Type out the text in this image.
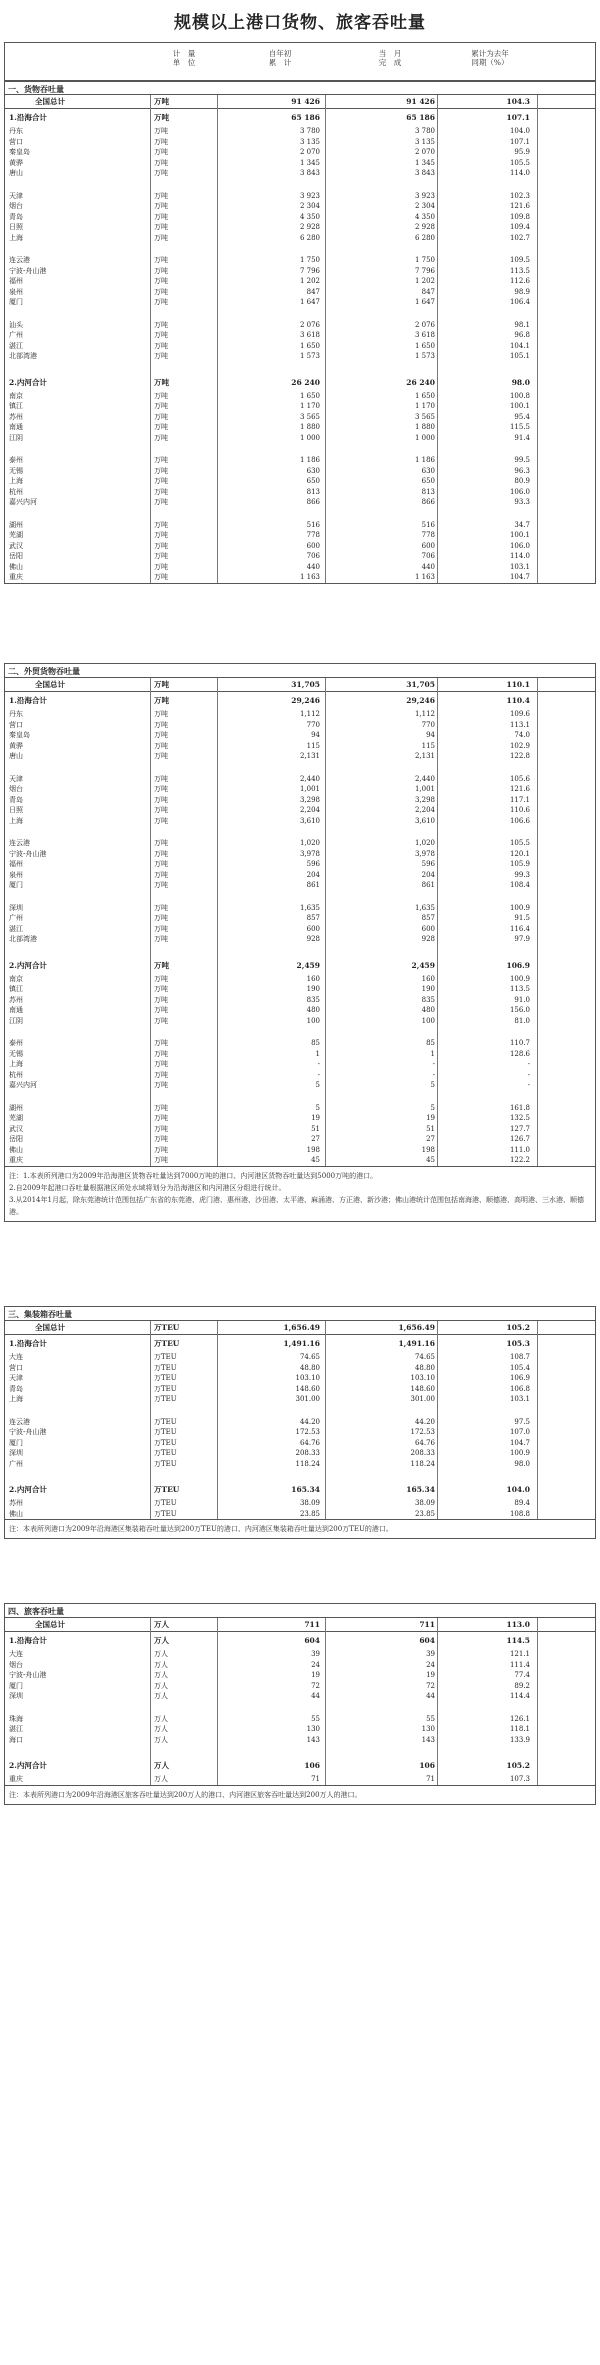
规模以上港口货物、旅客吞吐量
计　量
单　位
自年初
累　计
当　月
完　成
累计为去年
同期（%）
一、货物吞吐量
全国总计	万吨	91 426	91 426	104.3
1.沿海合计	万吨	65 186	65 186	107.1
丹东	万吨	3 780	3 780	104.0
营口	万吨	3 135	3 135	107.1
秦皇岛	万吨	2 070	2 070	95.9
黄骅	万吨	1 345	1 345	105.5
唐山	万吨	3 843	3 843	114.0
天津	万吨	3 923	3 923	102.3
烟台	万吨	2 304	2 304	121.6
青岛	万吨	4 350	4 350	109.8
日照	万吨	2 928	2 928	109.4
上海	万吨	6 280	6 280	102.7
连云港	万吨	1 750	1 750	109.5
宁波-舟山港	万吨	7 796	7 796	113.5
福州	万吨	1 202	1 202	112.6
泉州	万吨	847	847	98.9
厦门	万吨	1 647	1 647	106.4
汕头	万吨	2 076	2 076	98.1
广州	万吨	3 618	3 618	96.8
湛江	万吨	1 650	1 650	104.1
北部湾港	万吨	1 573	1 573	105.1
2.内河合计	万吨	26 240	26 240	98.0
南京	万吨	1 650	1 650	100.8
镇江	万吨	1 170	1 170	100.1
苏州	万吨	3 565	3 565	95.4
南通	万吨	1 880	1 880	115.5
江阴	万吨	1 000	1 000	91.4
泰州	万吨	1 186	1 186	99.5
无锡	万吨	630	630	96.3
上海	万吨	650	650	80.9
杭州	万吨	813	813	106.0
嘉兴内河	万吨	866	866	93.3
湖州	万吨	516	516	34.7
芜湖	万吨	778	778	100.1
武汉	万吨	600	600	106.0
岳阳	万吨	706	706	114.0
佛山	万吨	440	440	103.1
重庆	万吨	1 163	1 163	104.7
二、外贸货物吞吐量
全国总计	万吨	31,705	31,705	110.1
1.沿海合计	万吨	29,246	29,246	110.4
丹东	万吨	1,112	1,112	109.6
营口	万吨	770	770	113.1
秦皇岛	万吨	94	94	74.0
黄骅	万吨	115	115	102.9
唐山	万吨	2,131	2,131	122.8
天津	万吨	2,440	2,440	105.6
烟台	万吨	1,001	1,001	121.6
青岛	万吨	3,298	3,298	117.1
日照	万吨	2,204	2,204	110.6
上海	万吨	3,610	3,610	106.6
连云港	万吨	1,020	1,020	105.5
宁波-舟山港	万吨	3,978	3,978	120.1
福州	万吨	596	596	105.9
泉州	万吨	204	204	99.3
厦门	万吨	861	861	108.4
深圳	万吨	1,635	1,635	100.9
广州	万吨	857	857	91.5
湛江	万吨	600	600	116.4
北部湾港	万吨	928	928	97.9
2.内河合计	万吨	2,459	2,459	106.9
南京	万吨	160	160	100.9
镇江	万吨	190	190	113.5
苏州	万吨	835	835	91.0
南通	万吨	480	480	156.0
江阴	万吨	100	100	81.0
泰州	万吨	85	85	110.7
无锡	万吨	1	1	128.6
上海	万吨	-	-	-
杭州	万吨	-	-	-
嘉兴内河	万吨	5	5	-
湖州	万吨	5	5	161.8
芜湖	万吨	19	19	132.5
武汉	万吨	51	51	127.7
岳阳	万吨	27	27	126.7
佛山	万吨	198	198	111.0
重庆	万吨	45	45	122.2
注：1.本表所列港口为2009年沿海港区货物吞吐量达到7000万吨的港口、内河港区货物吞吐量达到5000万吨的港口。
2.自2009年起港口吞吐量根据港区所处水域将划分为沿海港区和内河港区分组进行统计。
3.从2014年1月起，除东莞港统计范围包括广东省的东莞港、虎门港、惠州港、沙田港、太平港、麻涌港、方正港、新沙港；佛山港统计范围包括南海港、顺德港、高明港、三水港、顺德港。
三、集装箱吞吐量
全国总计	万TEU	1,656.49	1,656.49	105.2
1.沿海合计	万TEU	1,491.16	1,491.16	105.3
大连	万TEU	74.65	74.65	108.7
营口	万TEU	48.80	48.80	105.4
天津	万TEU	103.10	103.10	106.9
青岛	万TEU	148.60	148.60	106.8
上海	万TEU	301.00	301.00	103.1
连云港	万TEU	44.20	44.20	97.5
宁波-舟山港	万TEU	172.53	172.53	107.0
厦门	万TEU	64.76	64.76	104.7
深圳	万TEU	208.33	208.33	100.9
广州	万TEU	118.24	118.24	98.0
2.内河合计	万TEU	165.34	165.34	104.0
苏州	万TEU	38.09	38.09	89.4
佛山	万TEU	23.85	23.85	108.8
注：本表所列港口为2009年沿海港区集装箱吞吐量达到200万TEU的港口、内河港区集装箱吞吐量达到200万TEU的港口。
四、旅客吞吐量
全国总计	万人	711	711	113.0
1.沿海合计	万人	604	604	114.5
大连	万人	39	39	121.1
烟台	万人	24	24	111.4
宁波-舟山港	万人	19	19	77.4
厦门	万人	72	72	89.2
深圳	万人	44	44	114.4
珠海	万人	55	55	126.1
湛江	万人	130	130	118.1
海口	万人	143	143	133.9
2.内河合计	万人	106	106	105.2
重庆	万人	71	71	107.3
注：本表所列港口为2009年沿海港区旅客吞吐量达到200万人的港口、内河港区旅客吞吐量达到200万人的港口。
